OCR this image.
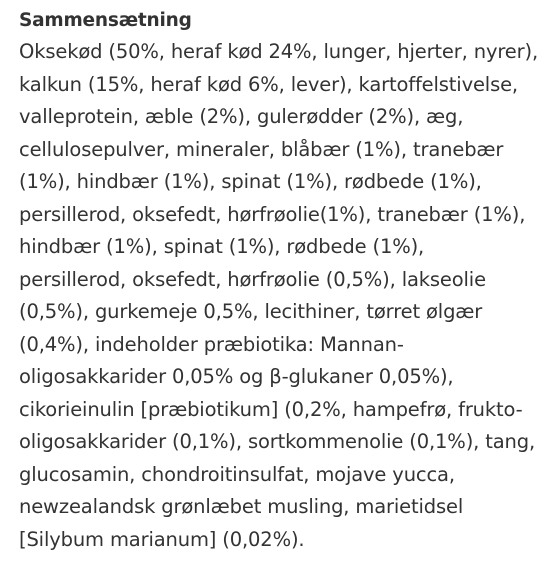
Sammensætning
Oksekød (50%, heraf kød 24%, lunger, hjerter, nyrer),
kalkun (15%, heraf kød 6%, lever), kartoffelstivelse,
valleprotein, æble (2%), gulerødder (2%), æg,
cellulosepulver, mineraler, blåbær (1%), tranebær
(1%), hindbær (1%), spinat (1%), rødbede (1%),
persillerod, oksefedt, hørfrøolie(1%), tranebær (1%),
hindbær (1%), spinat (1%), rødbede (1%),
persillerod, oksefedt, hørfrøolie (0,5%), lakseolie
(0,5%), gurkemeje 0,5%, lecithiner, tørret ølgær
(0,4%), indeholder præbiotika: Mannan-
oligosakkarider 0,05% og β-glukaner 0,05%),
cikorieinulin [præbiotikum] (0,2%, hampefrø, frukto-
oligosakkarider (0,1%), sortkommenolie (0,1%), tang,
glucosamin, chondroitinsulfat, mojave yucca,
newzealandsk grønlæbet musling, marietidsel
[Silybum marianum] (0,02%).
